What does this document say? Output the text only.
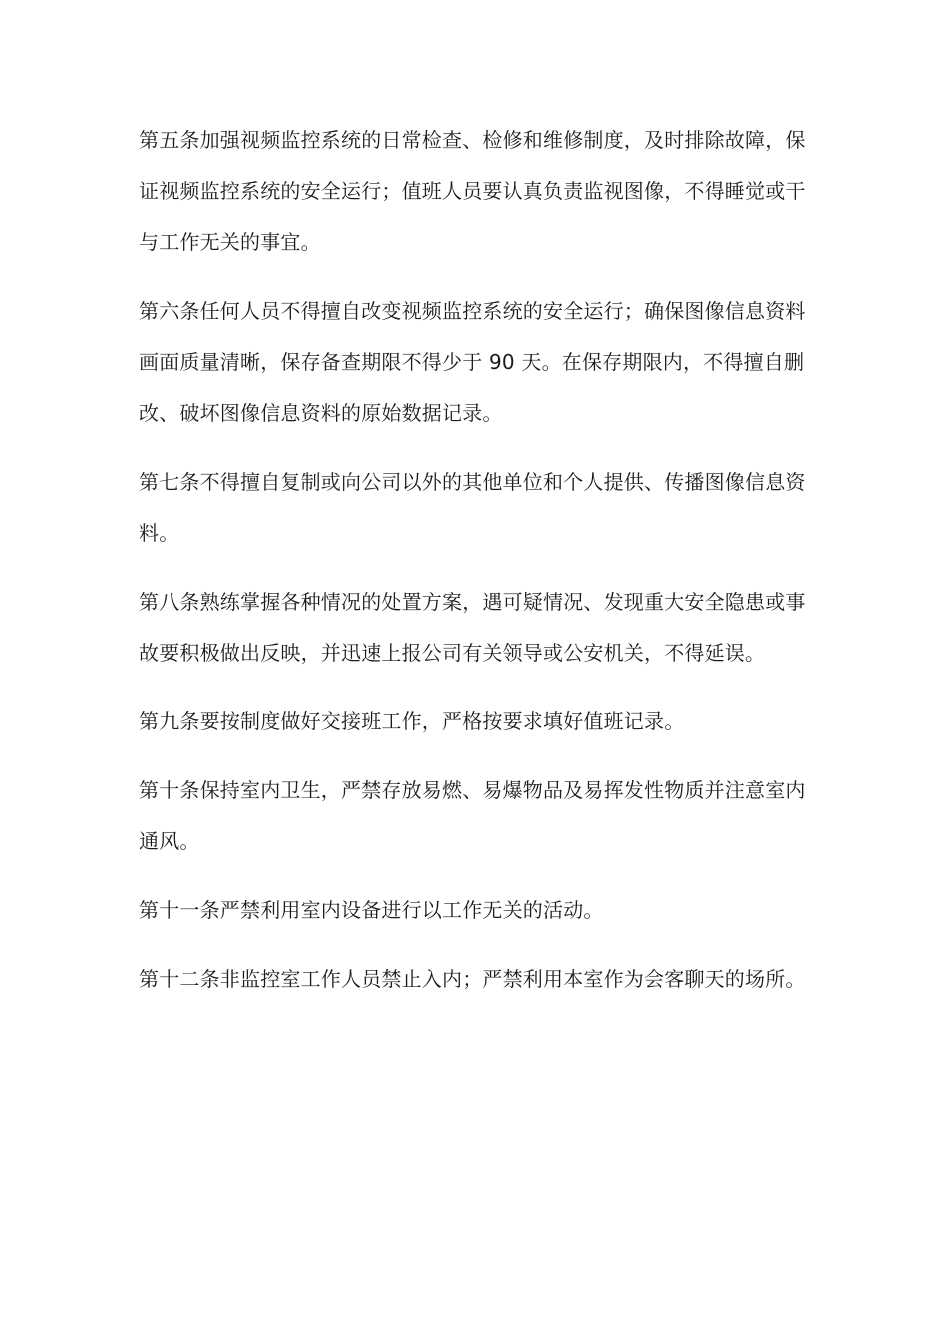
第五条加强视频监控系统的日常检查、检修和维修制度，及时排除故障，保证视频监控系统的安全运行；值班人员要认真负责监视图像，不得睡觉或干与工作无关的事宜。

第六条任何人员不得擅自改变视频监控系统的安全运行；确保图像信息资料画面质量清晰，保存备查期限不得少于 90 天。在保存期限内，不得擅自删改、破坏图像信息资料的原始数据记录。

第七条不得擅自复制或向公司以外的其他单位和个人提供、传播图像信息资料。

第八条熟练掌握各种情况的处置方案，遇可疑情况、发现重大安全隐患或事故要积极做出反映，并迅速上报公司有关领导或公安机关，不得延误。

第九条要按制度做好交接班工作，严格按要求填好值班记录。

第十条保持室内卫生，严禁存放易燃、易爆物品及易挥发性物质并注意室内通风。

第十一条严禁利用室内设备进行以工作无关的活动。

第十二条非监控室工作人员禁止入内；严禁利用本室作为会客聊天的场所。
